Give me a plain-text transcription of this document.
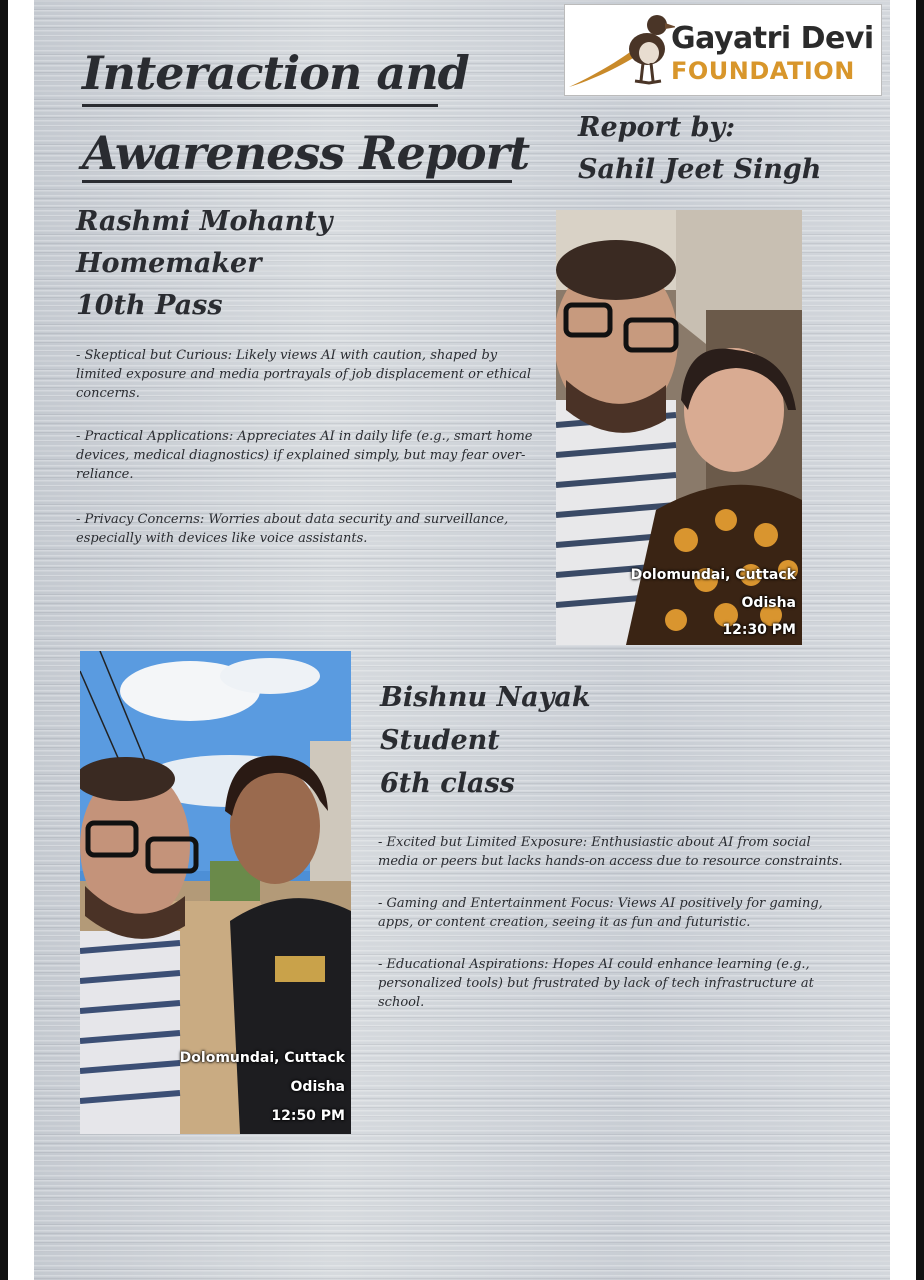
Interaction and
Awareness Report
Gayatri Devi
FOUNDATION
Report by:
Sahil Jeet Singh
Rashmi Mohanty
Homemaker
10th Pass
- Skeptical but Curious: Likely views AI with caution, shaped by limited exposure and media portrayals of job displacement or ethical concerns.
- Practical Applications: Appreciates AI in daily life (e.g., smart home devices, medical diagnostics) if explained simply, but may fear over-reliance.
- Privacy Concerns: Worries about data security and surveillance, especially with devices like voice assistants.
Dolomundai, Cuttack
Odisha
12:30 PM
Dolomundai, Cuttack
Odisha
12:50 PM
Bishnu Nayak
Student
6th class
- Excited but Limited Exposure: Enthusiastic about AI from social media or peers but lacks hands-on access due to resource constraints.
- Gaming and Entertainment Focus: Views AI positively for gaming, apps, or content creation, seeing it as fun and futuristic.
- Educational Aspirations: Hopes AI could enhance learning (e.g., personalized tools) but frustrated by lack of tech infrastructure at school.
